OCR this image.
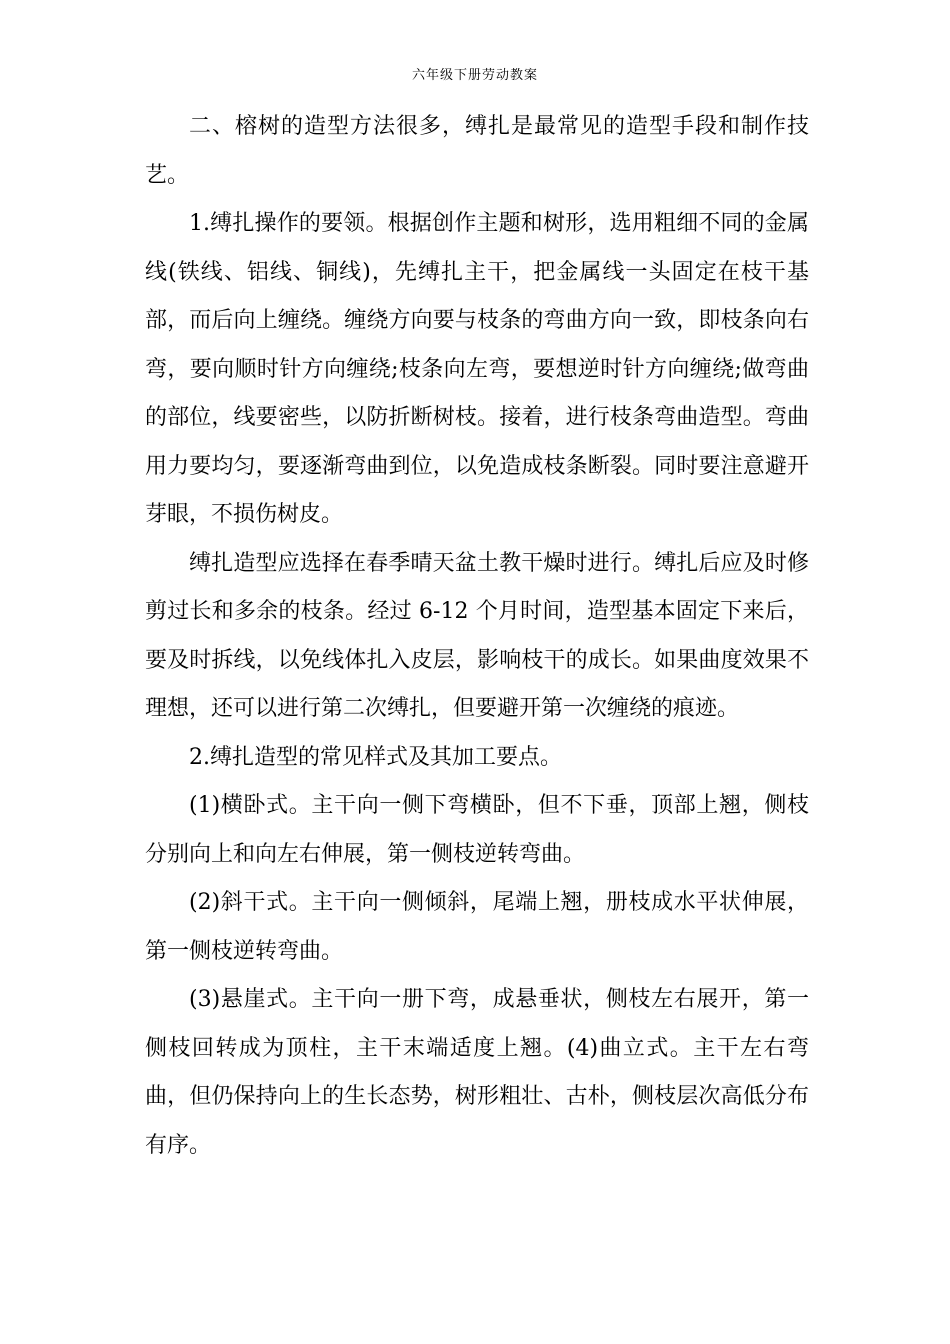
六年级下册劳动教案

二、榕树的造型方法很多，缚扎是最常见的造型手段和制作技艺。

1.缚扎操作的要领。根据创作主题和树形，选用粗细不同的金属线(铁线、铝线、铜线)，先缚扎主干，把金属线一头固定在枝干基部，而后向上缠绕。缠绕方向要与枝条的弯曲方向一致，即枝条向右弯，要向顺时针方向缠绕;枝条向左弯，要想逆时针方向缠绕;做弯曲的部位，线要密些，以防折断树枝。接着，进行枝条弯曲造型。弯曲用力要均匀，要逐渐弯曲到位，以免造成枝条断裂。同时要注意避开芽眼，不损伤树皮。

缚扎造型应选择在春季晴天盆土教干燥时进行。缚扎后应及时修剪过长和多余的枝条。经过 6-12 个月时间，造型基本固定下来后，要及时拆线，以免线体扎入皮层，影响枝干的成长。如果曲度效果不理想，还可以进行第二次缚扎，但要避开第一次缠绕的痕迹。

2.缚扎造型的常见样式及其加工要点。

(1)横卧式。主干向一侧下弯横卧，但不下垂，顶部上翘，侧枝分别向上和向左右伸展，第一侧枝逆转弯曲。

(2)斜干式。主干向一侧倾斜，尾端上翘，册枝成水平状伸展，第一侧枝逆转弯曲。

(3)悬崖式。主干向一册下弯，成悬垂状，侧枝左右展开，第一侧枝回转成为顶柱，主干末端适度上翘。(4)曲立式。主干左右弯曲，但仍保持向上的生长态势，树形粗壮、古朴，侧枝层次高低分布有序。
